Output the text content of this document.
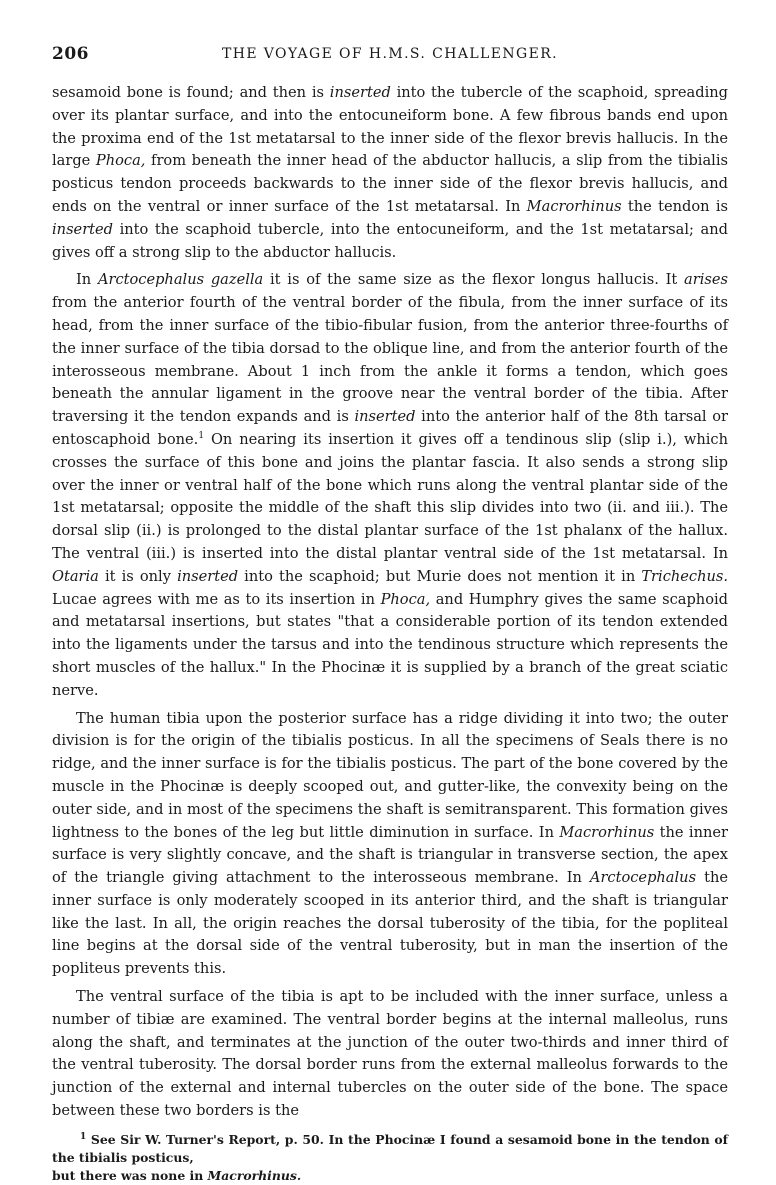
206	THE VOYAGE OF H.M.S. CHALLENGER.

sesamoid bone is found; and then is inserted into the tubercle of the scaphoid, spreading over its plantar surface, and into the entocuneiform bone. A few fibrous bands end upon the proxima end of the 1st metatarsal to the inner side of the flexor brevis hallucis. In the large Phoca, from beneath the inner head of the abductor hallucis, a slip from the tibialis posticus tendon proceeds backwards to the inner side of the flexor brevis hallucis, and ends on the ventral or inner surface of the 1st metatarsal. In Macrorhinus the tendon is inserted into the scaphoid tubercle, into the entocuneiform, and the 1st metatarsal; and gives off a strong slip to the abductor hallucis.

In Arctocephalus gazella it is of the same size as the flexor longus hallucis. It arises from the anterior fourth of the ventral border of the fibula, from the inner surface of its head, from the inner surface of the tibio-fibular fusion, from the anterior three-fourths of the inner surface of the tibia dorsad to the oblique line, and from the anterior fourth of the interosseous membrane. About 1 inch from the ankle it forms a tendon, which goes beneath the annular ligament in the groove near the ventral border of the tibia. After traversing it the tendon expands and is inserted into the anterior half of the 8th tarsal or entoscaphoid bone.$^1$ On nearing its insertion it gives off a tendinous slip (slip i.), which crosses the surface of this bone and joins the plantar fascia. It also sends a strong slip over the inner or ventral half of the bone which runs along the ventral plantar side of the 1st metatarsal; opposite the middle of the shaft this slip divides into two (ii. and iii.). The dorsal slip (ii.) is prolonged to the distal plantar surface of the 1st phalanx of the hallux. The ventral (iii.) is inserted into the distal plantar ventral side of the 1st metatarsal. In Otaria it is only inserted into the scaphoid; but Murie does not mention it in Trichechus. Lucae agrees with me as to its insertion in Phoca, and Humphry gives the same scaphoid and metatarsal insertions, but states "that a considerable portion of its tendon extended into the ligaments under the tarsus and into the tendinous structure which represents the short muscles of the hallux." In the Phocinæ it is supplied by a branch of the great sciatic nerve.

The human tibia upon the posterior surface has a ridge dividing it into two; the outer division is for the origin of the tibialis posticus. In all the specimens of Seals there is no ridge, and the inner surface is for the tibialis posticus. The part of the bone covered by the muscle in the Phocinæ is deeply scooped out, and gutter-like, the convexity being on the outer side, and in most of the specimens the shaft is semitransparent. This formation gives lightness to the bones of the leg but little diminution in surface. In Macrorhinus the inner surface is very slightly concave, and the shaft is triangular in transverse section, the apex of the triangle giving attachment to the interosseous membrane. In Arctocephalus the inner surface is only moderately scooped in its anterior third, and the shaft is triangular like the last. In all, the origin reaches the dorsal tuberosity of the tibia, for the popliteal line begins at the dorsal side of the ventral tuberosity, but in man the insertion of the popliteus prevents this.

The ventral surface of the tibia is apt to be included with the inner surface, unless a number of tibiæ are examined. The ventral border begins at the internal malleolus, runs along the shaft, and terminates at the junction of the outer two-thirds and inner third of the ventral tuberosity. The dorsal border runs from the external malleolus forwards to the junction of the external and internal tubercles on the outer side of the bone. The space between these two borders is the

$^1$ See Sir W. Turner's Report, p. 50. In the Phocinæ I found a sesamoid bone in the tendon of the tibialis posticus,
but there was none in Macrorhinus.
